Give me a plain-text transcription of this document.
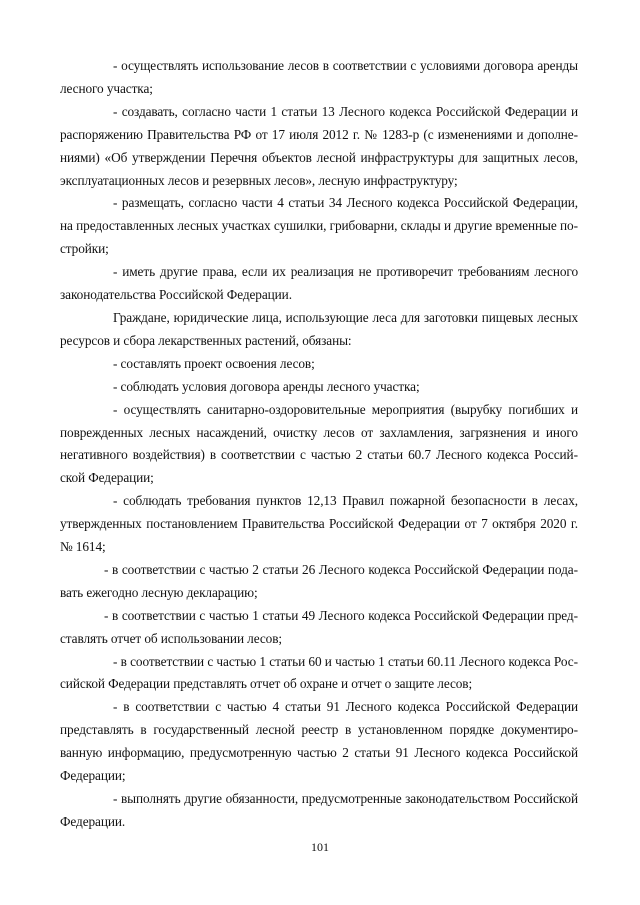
- осуществлять использование лесов в соответствии с условиями договора аренды лесного участка;

- создавать, согласно части 1 статьи 13 Лесного кодекса Российской Федерации и распоряжению Правительства РФ от 17 июля 2012 г. № 1283-р (с изменениями и дополнениями) «Об утверждении Перечня объектов лесной инфраструктуры для защитных лесов, эксплуатационных лесов и резервных лесов», лесную инфраструктуру;

- размещать, согласно части 4 статьи 34 Лесного кодекса Российской Федерации, на предоставленных лесных участках сушилки, грибоварни, склады и другие временные постройки;

- иметь другие права, если их реализация не противоречит требованиям лесного законодательства Российской Федерации.

Граждане, юридические лица, использующие леса для заготовки пищевых лесных ресурсов и сбора лекарственных растений, обязаны:

- составлять проект освоения лесов;

- соблюдать условия договора аренды лесного участка;

- осуществлять санитарно-оздоровительные мероприятия (вырубку погибших и поврежденных лесных насаждений, очистку лесов от захламления, загрязнения и иного негативного воздействия) в соответствии с частью 2 статьи 60.7 Лесного кодекса Российской Федерации;

- соблюдать требования пунктов 12,13 Правил пожарной безопасности в лесах, утвержденных постановлением Правительства Российской Федерации от 7 октября 2020 г. № 1614;

- в соответствии с частью 2 статьи 26 Лесного кодекса Российской Федерации подавать ежегодно лесную декларацию;

- в соответствии с частью 1 статьи 49 Лесного кодекса Российской Федерации представлять отчет об использовании лесов;

- в соответствии с частью 1 статьи 60 и частью 1 статьи 60.11 Лесного кодекса Российской Федерации представлять отчет об охране и отчет о защите лесов;

- в соответствии с частью 4 статьи 91 Лесного кодекса Российской Федерации представлять в государственный лесной реестр в установленном порядке документированную информацию, предусмотренную частью 2 статьи 91 Лесного кодекса Российской Федерации;

- выполнять другие обязанности, предусмотренные законодательством Российской Федерации.

101
